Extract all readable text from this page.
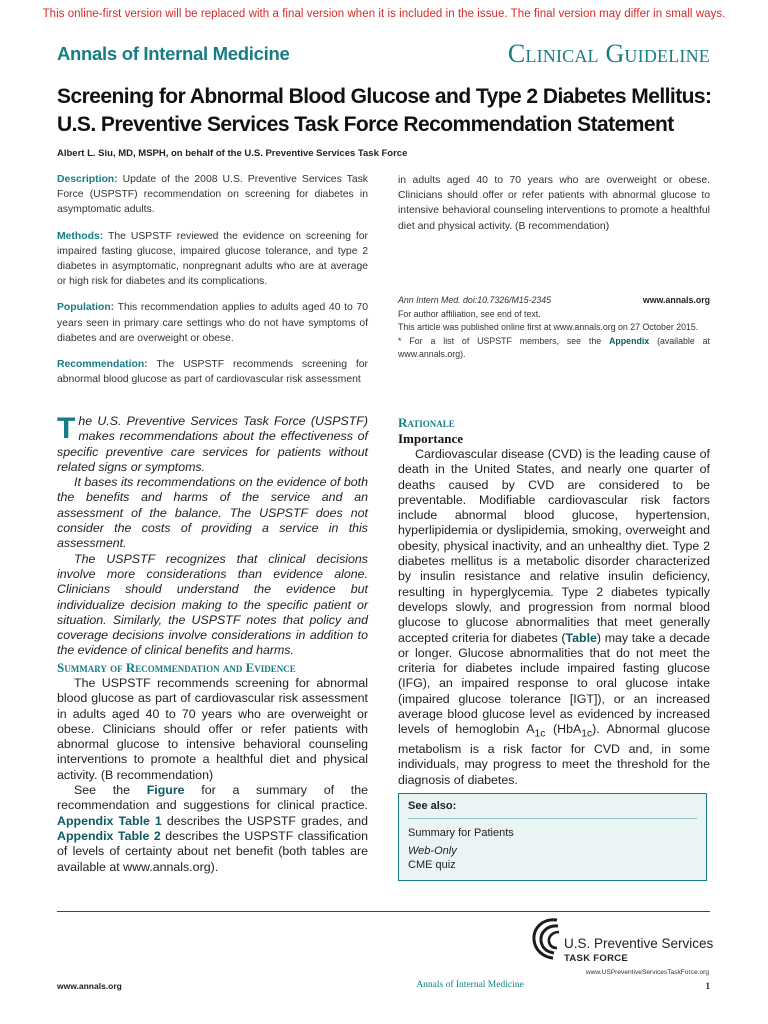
This online-first version will be replaced with a final version when it is included in the issue. The final version may differ in small ways.
Annals of Internal Medicine	Clinical Guideline
Screening for Abnormal Blood Glucose and Type 2 Diabetes Mellitus:
U.S. Preventive Services Task Force Recommendation Statement
Albert L. Siu, MD, MSPH, on behalf of the U.S. Preventive Services Task Force

Description: Update of the 2008 U.S. Preventive Services Task Force (USPSTF) recommendation on screening for diabetes in asymptomatic adults.

Methods: The USPSTF reviewed the evidence on screening for impaired fasting glucose, impaired glucose tolerance, and type 2 diabetes in asymptomatic, nonpregnant adults who are at average or high risk for diabetes and its complications.

Population: This recommendation applies to adults aged 40 to 70 years seen in primary care settings who do not have symptoms of diabetes and are overweight or obese.

Recommendation: The USPSTF recommends screening for abnormal blood glucose as part of cardiovascular risk assessment

in adults aged 40 to 70 years who are overweight or obese. Clinicians should offer or refer patients with abnormal glucose to intensive behavioral counseling interventions to promote a healthful diet and physical activity. (B recommendation)

Ann Intern Med. doi:10.7326/M15-2345	www.annals.org

For author affiliation, see end of text.

This article was published online first at www.annals.org on 27 October 2015.

* For a list of USPSTF members, see the Appendix (available at www.annals.org).

The U.S. Preventive Services Task Force (USPSTF) makes recommendations about the effectiveness of specific preventive care services for patients without related signs or symptoms.

It bases its recommendations on the evidence of both the benefits and harms of the service and an assessment of the balance. The USPSTF does not consider the costs of providing a service in this assessment.

The USPSTF recognizes that clinical decisions involve more considerations than evidence alone. Clinicians should understand the evidence but individualize decision making to the specific patient or situation. Similarly, the USPSTF notes that policy and coverage decisions involve considerations in addition to the evidence of clinical benefits and harms.

Summary of Recommendation and Evidence

The USPSTF recommends screening for abnormal blood glucose as part of cardiovascular risk assessment in adults aged 40 to 70 years who are overweight or obese. Clinicians should offer or refer patients with abnormal glucose to intensive behavioral counseling interventions to promote a healthful diet and physical activity. (B recommendation)

See the Figure for a summary of the recommendation and suggestions for clinical practice. Appendix Table 1 describes the USPSTF grades, and Appendix Table 2 describes the USPSTF classification of levels of certainty about net benefit (both tables are available at www.annals.org).

Rationale
Importance

Cardiovascular disease (CVD) is the leading cause of death in the United States, and nearly one quarter of deaths caused by CVD are considered to be preventable. Modifiable cardiovascular risk factors include abnormal blood glucose, hypertension, hyperlipidemia or dyslipidemia, smoking, overweight and obesity, physical inactivity, and an unhealthy diet. Type 2 diabetes mellitus is a metabolic disorder characterized by insulin resistance and relative insulin deficiency, resulting in hyperglycemia. Type 2 diabetes typically develops slowly, and progression from normal blood glucose to glucose abnormalities that meet generally accepted criteria for diabetes (Table) may take a decade or longer. Glucose abnormalities that do not meet the criteria for diabetes include impaired fasting glucose (IFG), an impaired response to oral glucose intake (impaired glucose tolerance [IGT]), or an increased average blood glucose level as evidenced by increased levels of hemoglobin $A_{1c}$ (HbA$_{1c}$). Abnormal glucose metabolism is a risk factor for CVD and, in some individuals, may progress to meet the threshold for the diagnosis of diabetes.

See also:

Summary for Patients

Web-Only

CME quiz

U.S. Preventive Services
TASK FORCE
www.USPreventiveServicesTaskForce.org
www.annals.org	Annals of Internal Medicine	1
